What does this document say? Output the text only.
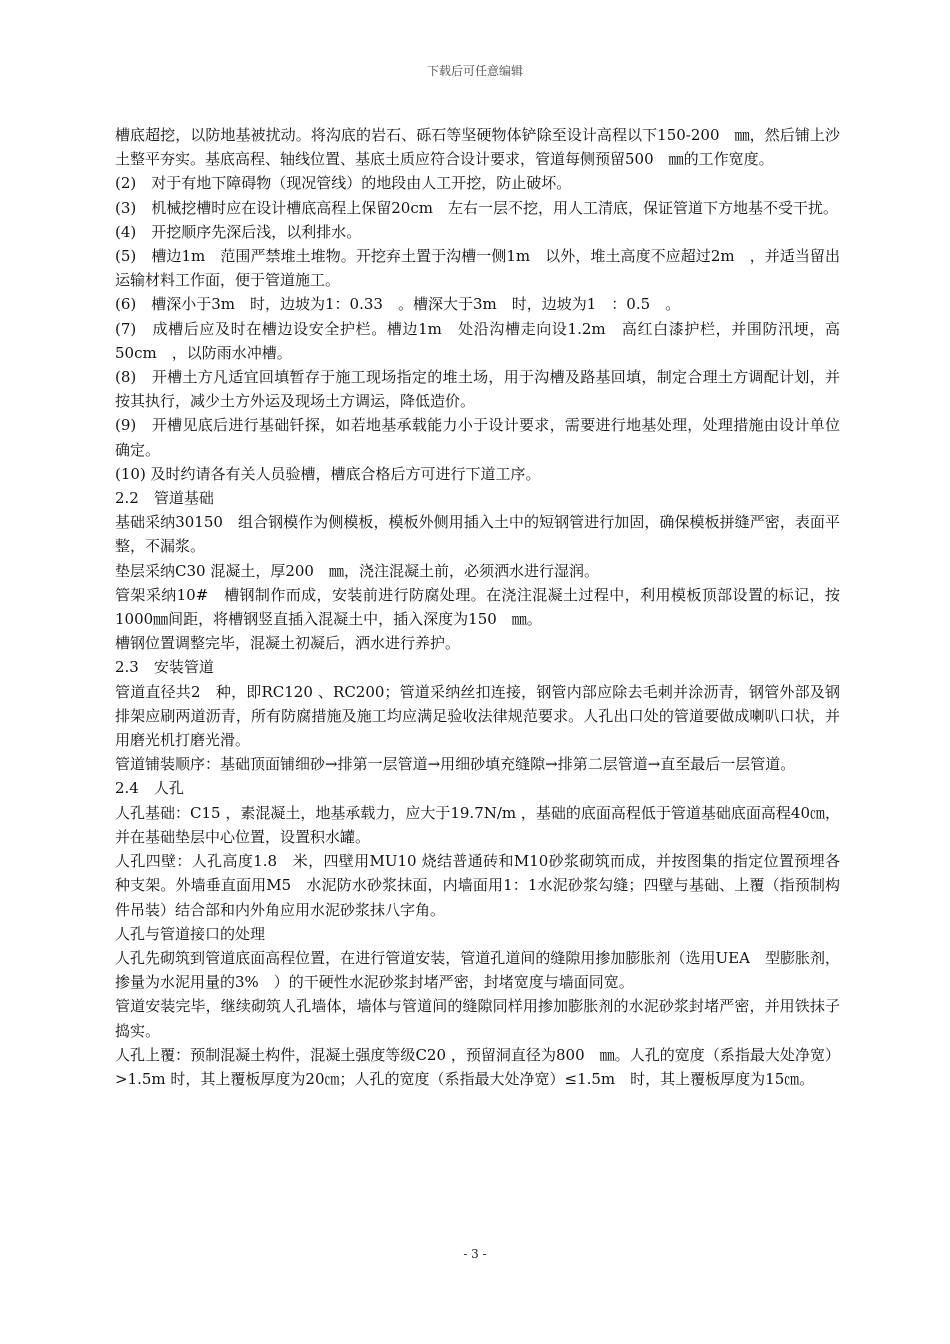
下载后可任意编辑

槽底超挖，以防地基被扰动。将沟底的岩石、砾石等坚硬物体铲除至设计高程以下150-200　㎜，然后铺上沙土整平夯实。基底高程、轴线位置、基底土质应符合设计要求，管道每侧预留500　㎜的工作宽度。

(2)　对于有地下障碍物（现况管线）的地段由人工开挖，防止破坏。

(3)　机械挖槽时应在设计槽底高程上保留20cm　左右一层不挖，用人工清底，保证管道下方地基不受干扰。

(4)　开挖顺序先深后浅，以利排水。

(5)　槽边1m　范围严禁堆土堆物。开挖弃土置于沟槽一侧1m　以外，堆土高度不应超过2m　，并适当留出运输材料工作面，便于管道施工。

(6)　槽深小于3m　时，边坡为1：0.33　。槽深大于3m　时，边坡为1　：0.5　。

(7)　成槽后应及时在槽边设安全护栏。槽边1m　处沿沟槽走向设1.2m　高红白漆护栏，并围防汛埂，高50cm　，以防雨水冲槽。

(8)　开槽土方凡适宜回填暂存于施工现场指定的堆土场，用于沟槽及路基回填，制定合理土方调配计划，并按其执行，减少土方外运及现场土方调运，降低造价。

(9)　开槽见底后进行基础钎探，如若地基承载能力小于设计要求，需要进行地基处理，处理措施由设计单位确定。

(10) 及时约请各有关人员验槽，槽底合格后方可进行下道工序。

2.2　管道基础

基础采纳30150　组合钢模作为侧模板，模板外侧用插入土中的短钢管进行加固，确保模板拼缝严密，表面平整，不漏浆。

垫层采纳C30 混凝土，厚200　㎜，浇注混凝土前，必须洒水进行湿润。

管架采纳10#　槽钢制作而成，安装前进行防腐处理。在浇注混凝土过程中，利用模板顶部设置的标记，按1000㎜间距，将槽钢竖直插入混凝土中，插入深度为150　㎜。

槽钢位置调整完毕，混凝土初凝后，洒水进行养护。

2.3　安装管道

管道直径共2　种，即RC120 、RC200；管道采纳丝扣连接，钢管内部应除去毛刺并涂沥青，钢管外部及钢排架应刷两道沥青，所有防腐措施及施工均应满足验收法律规范要求。人孔出口处的管道要做成喇叭口状，并用磨光机打磨光滑。

管道铺装顺序：基础顶面铺细砂→排第一层管道→用细砂填充缝隙→排第二层管道→直至最后一层管道。

2.4　人孔

人孔基础：C15 ，素混凝土，地基承载力，应大于19.7N/m ，基础的底面高程低于管道基础底面高程40㎝，并在基础垫层中心位置，设置积水罐。

人孔四壁：人孔高度1.8　米，四壁用MU10 烧结普通砖和M10砂浆砌筑而成，并按图集的指定位置预埋各种支架。外墙垂直面用M5　水泥防水砂浆抹面，内墙面用1：1水泥砂浆勾缝；四壁与基础、上覆（指预制构件吊装）结合部和内外角应用水泥砂浆抹八字角。

人孔与管道接口的处理

人孔先砌筑到管道底面高程位置，在进行管道安装，管道孔道间的缝隙用掺加膨胀剂（选用UEA　型膨胀剂，掺量为水泥用量的3%　）的干硬性水泥砂浆封堵严密，封堵宽度与墙面同宽。

管道安装完毕，继续砌筑人孔墙体，墙体与管道间的缝隙同样用掺加膨胀剂的水泥砂浆封堵严密，并用铁抹子捣实。

人孔上覆：预制混凝土构件，混凝土强度等级C20 ，预留洞直径为800　㎜。人孔的宽度（系指最大处净宽）>1.5m 时，其上覆板厚度为20㎝；人孔的宽度（系指最大处净宽）≤1.5m　时，其上覆板厚度为15㎝。

- 3 -
